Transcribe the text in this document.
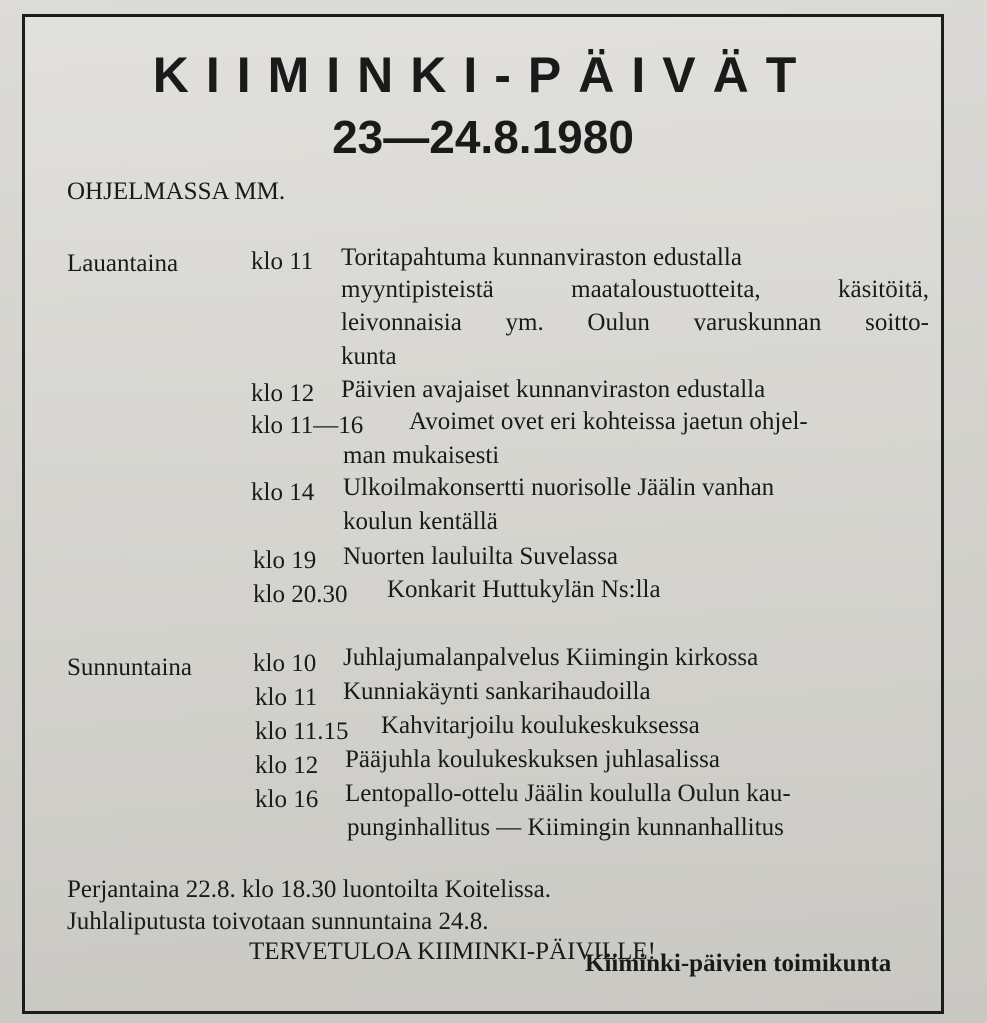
KIIMINKI-PÄIVÄT
23—24.8.1980
OHJELMASSA MM.
Lauantaina	klo 11 Toritapahtuma kunnanviraston edustalla
myyntipisteistä maataloustuotteita, käsitöitä,
leivonnaisia ym. Oulun varuskunnan soitto-
kunta
klo 12 Päivien avajaiset kunnanviraston edustalla
klo 11—16 Avoimet ovet eri kohteissa jaetun ohjel-
man mukaisesti
klo 14 Ulkoilmakonsertti nuorisolle Jäälin vanhan
koulun kentällä
klo 19 Nuorten lauluilta Suvelassa
klo 20.30 Konkarit Huttukylän Ns:lla
Sunnuntaina klo 10 Juhlajumalanpalvelus Kiimingin kirkossa
klo 11 Kunniakäynti sankarihaudoilla
klo 11.15 Kahvitarjoilu koulukeskuksessa
klo 12 Pääjuhla koulukeskuksen juhlasalissa
klo 16 Lentopallo-ottelu Jäälin koululla Oulun kau-
punginhallitus — Kiimingin kunnanhallitus
Perjantaina 22.8. klo 18.30 luontoilta Koitelissa.
Juhlaliputusta toivotaan sunnuntaina 24.8.
TERVETULOA KIIMINKI-PÄIVILLE!
Kiiminki-päivien toimikunta
